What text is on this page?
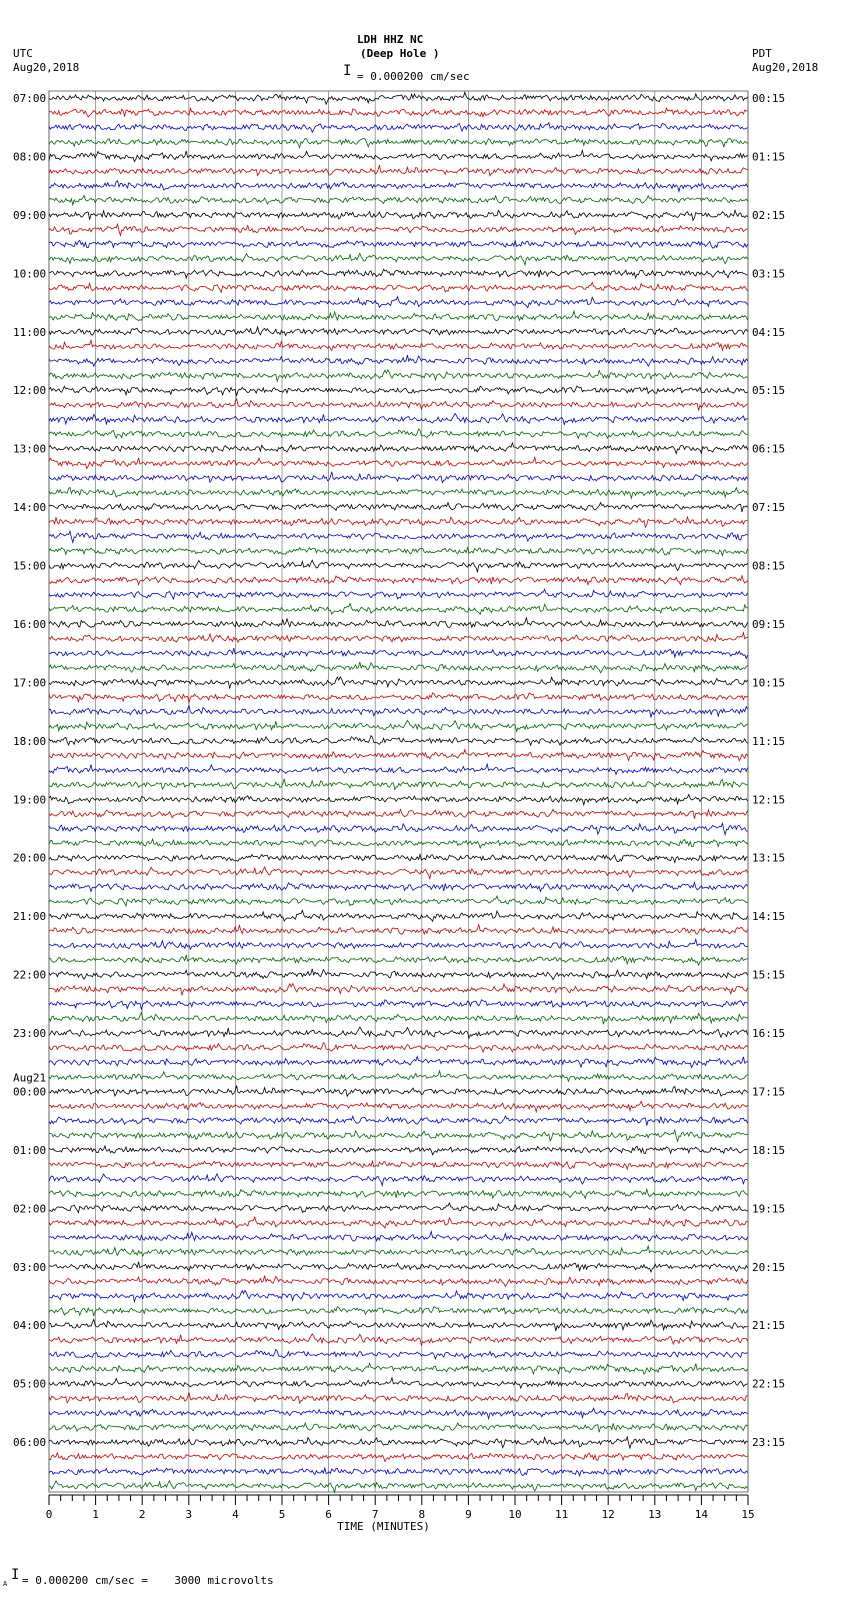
LDH HHZ NC
(Deep Hole )
I = 0.000200 cm/sec
UTC
Aug20,2018
PDT
Aug20,2018
07:00
08:00
09:00
10:00
11:00
12:00
13:00
14:00
15:00
16:00
17:00
18:00
19:00
20:00
21:00
22:00
23:00
00:00
01:00
02:00
03:00
04:00
05:00
06:00
Aug21
00:15
01:15
02:15
03:15
04:15
05:15
06:15
07:15
08:15
09:15
10:15
11:15
12:15
13:15
14:15
15:15
16:15
17:15
18:15
19:15
20:15
21:15
22:15
23:15
0	1	2	3	4	5	6	7	8	9	10	11	12	13	14	15
TIME (MINUTES)
A
I = 0.000200 cm/sec =    3000 microvolts
